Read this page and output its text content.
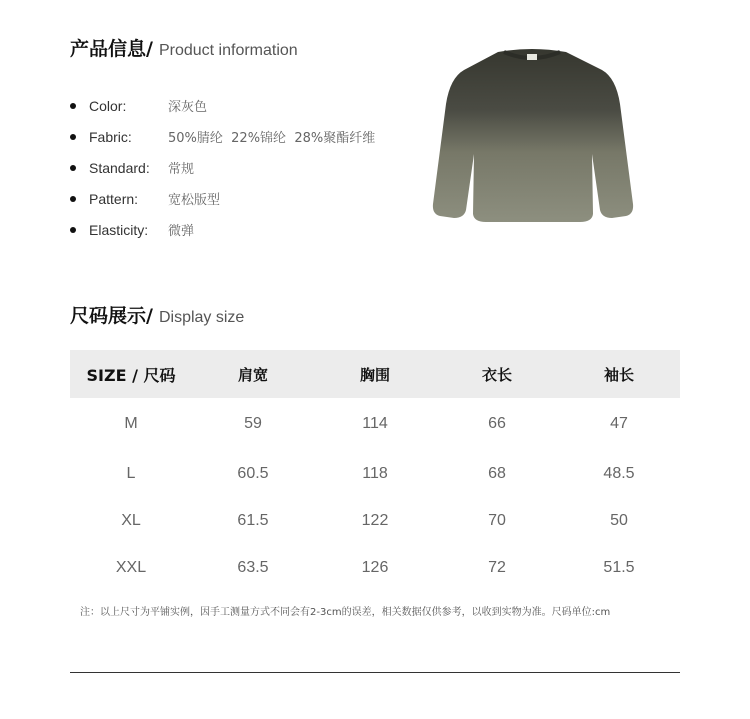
产品信息/ Product information
Color:	深灰色
Fabric:	50%腈纶  22%锦纶  28%聚酯纤维
Standard:	常规
Pattern:	宽松版型
Elasticity:	微弹
尺码展示/ Display size
SIZE / 尺码	肩宽	胸围	衣长	袖长
M	59	114	66	47
L	60.5	118	68	48.5
XL	61.5	122	70	50
XXL	63.5	126	72	51.5
注：以上尺寸为平铺实例，因手工测量方式不同会有2-3cm的误差，相关数据仅供参考，以收到实物为准。尺码单位:cm
